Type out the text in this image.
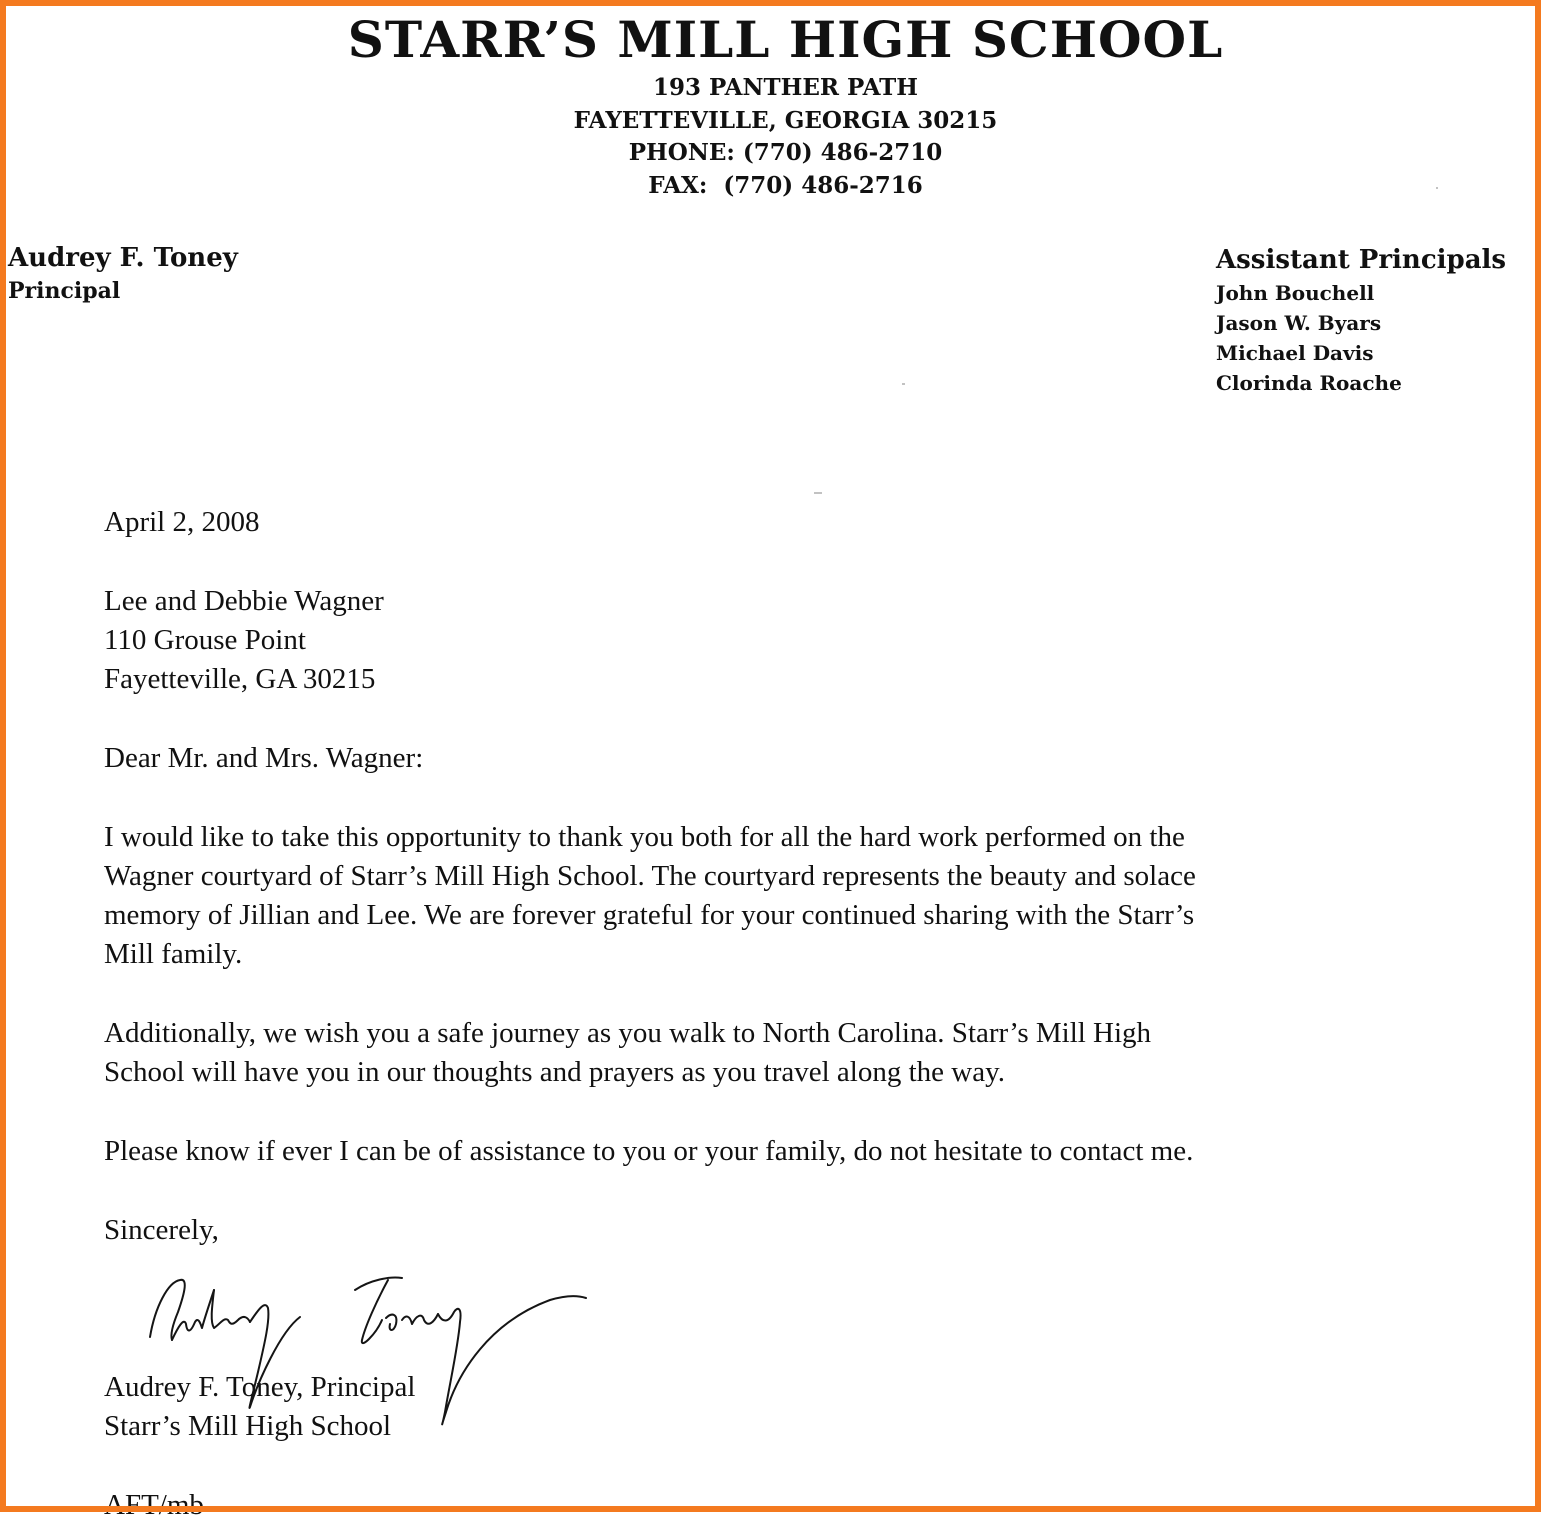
STARR’S MILL HIGH SCHOOL
193 PANTHER PATH
FAYETTEVILLE, GEORGIA 30215
PHONE: (770) 486-2710
FAX:  (770) 486-2716
Audrey F. Toney
Principal
Assistant Principals
John Bouchell
Jason W. Byars
Michael Davis
Clorinda Roache
April 2, 2008
Lee and Debbie Wagner
110 Grouse Point
Fayetteville, GA 30215
Dear Mr. and Mrs. Wagner:
I would like to take this opportunity to thank you both for all the hard work performed on the
Wagner courtyard of Starr’s Mill High School. The courtyard represents the beauty and solace
memory of Jillian and Lee. We are forever grateful for your continued sharing with the Starr’s
Mill family.
Additionally, we wish you a safe journey as you walk to North Carolina. Starr’s Mill High
School will have you in our thoughts and prayers as you travel along the way.
Please know if ever I can be of assistance to you or your family, do not hesitate to contact me.
Sincerely,
Audrey F. Toney, Principal
Starr’s Mill High School
AFT/mb
